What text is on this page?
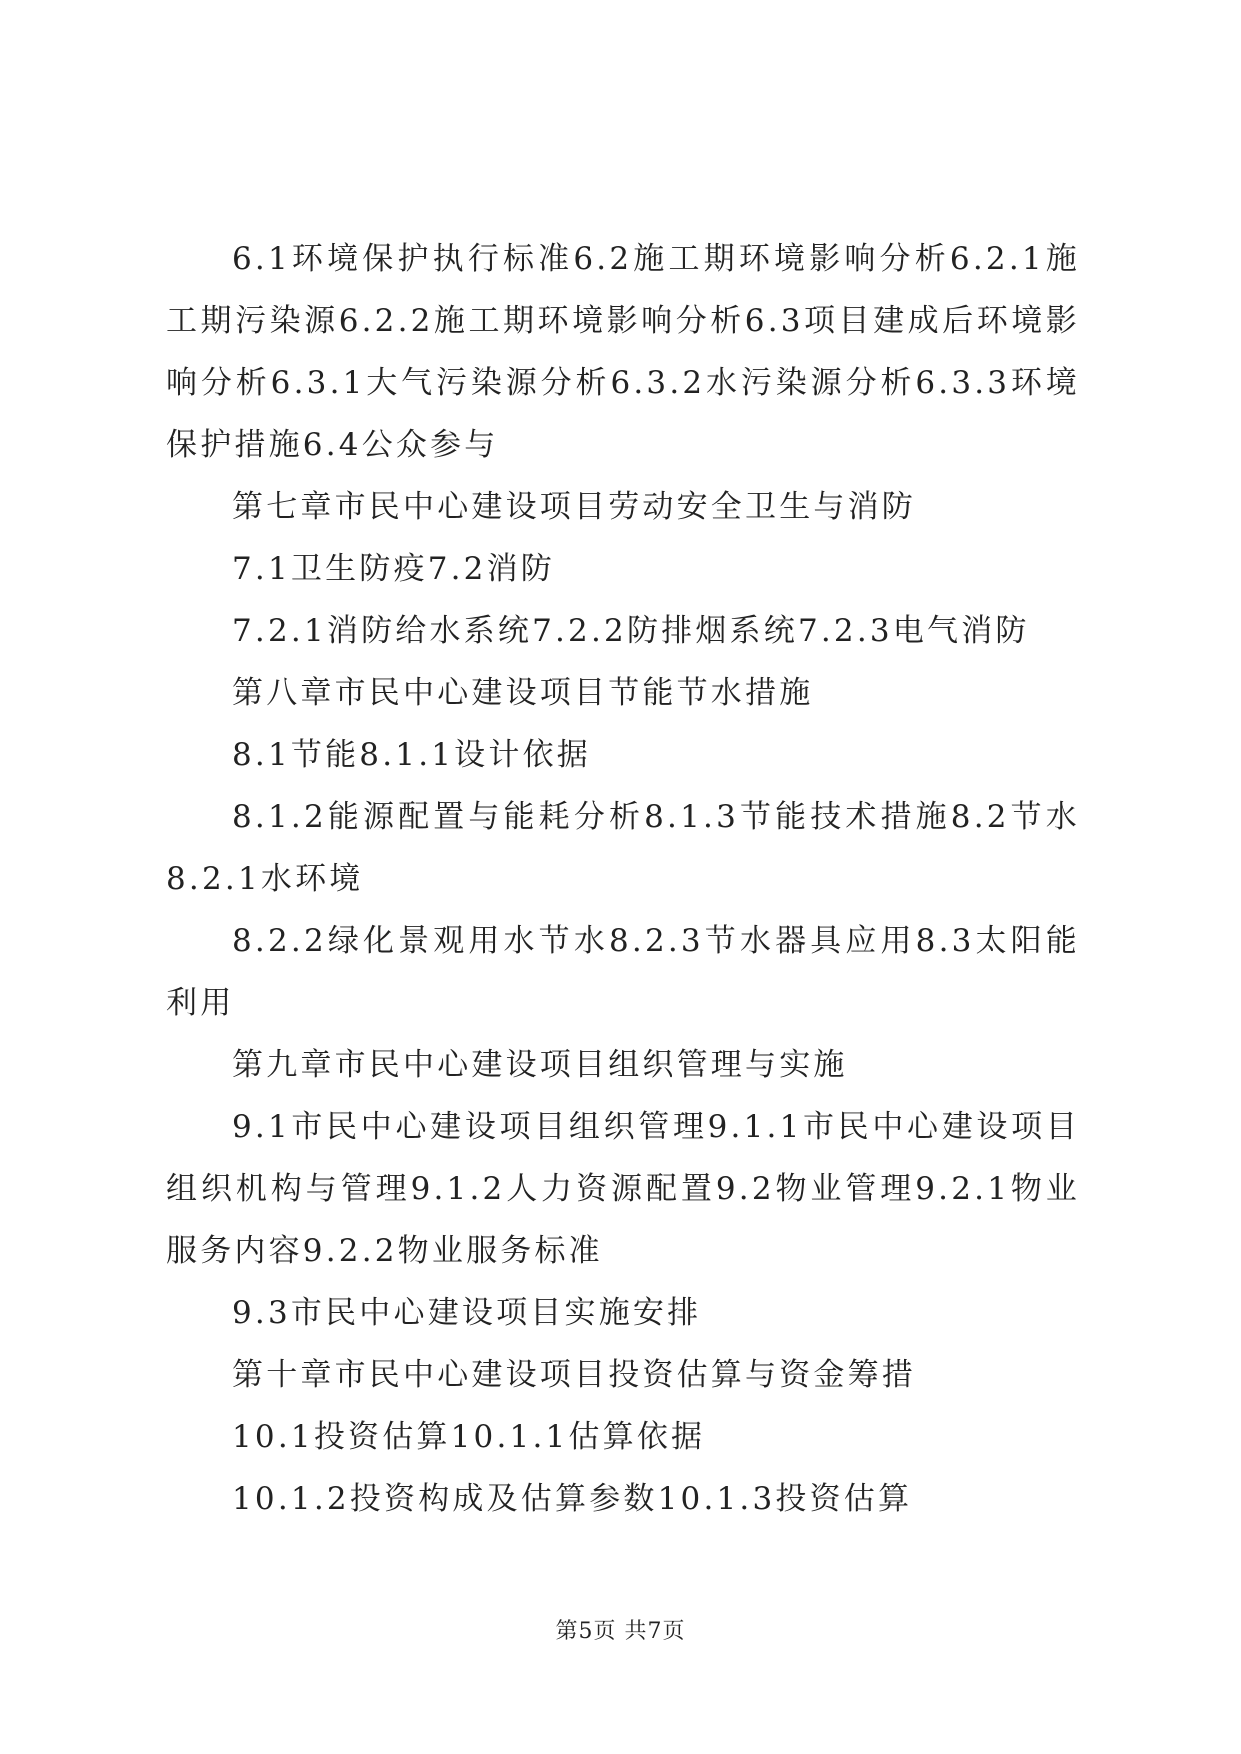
6.1环境保护执行标准6.2施工期环境影响分析6.2.1施工期污染源6.2.2施工期环境影响分析6.3项目建成后环境影响分析6.3.1大气污染源分析6.3.2水污染源分析6.3.3环境保护措施6.4公众参与

第七章市民中心建设项目劳动安全卫生与消防

7.1卫生防疫7.2消防

7.2.1消防给水系统7.2.2防排烟系统7.2.3电气消防

第八章市民中心建设项目节能节水措施

8.1节能8.1.1设计依据

8.1.2能源配置与能耗分析8.1.3节能技术措施8.2节水8.2.1水环境

8.2.2绿化景观用水节水8.2.3节水器具应用8.3太阳能利用

第九章市民中心建设项目组织管理与实施

9.1市民中心建设项目组织管理9.1.1市民中心建设项目组织机构与管理9.1.2人力资源配置9.2物业管理9.2.1物业服务内容9.2.2物业服务标准

9.3市民中心建设项目实施安排

第十章市民中心建设项目投资估算与资金筹措

10.1投资估算10.1.1估算依据

10.1.2投资构成及估算参数10.1.3投资估算

第5页 共7页
